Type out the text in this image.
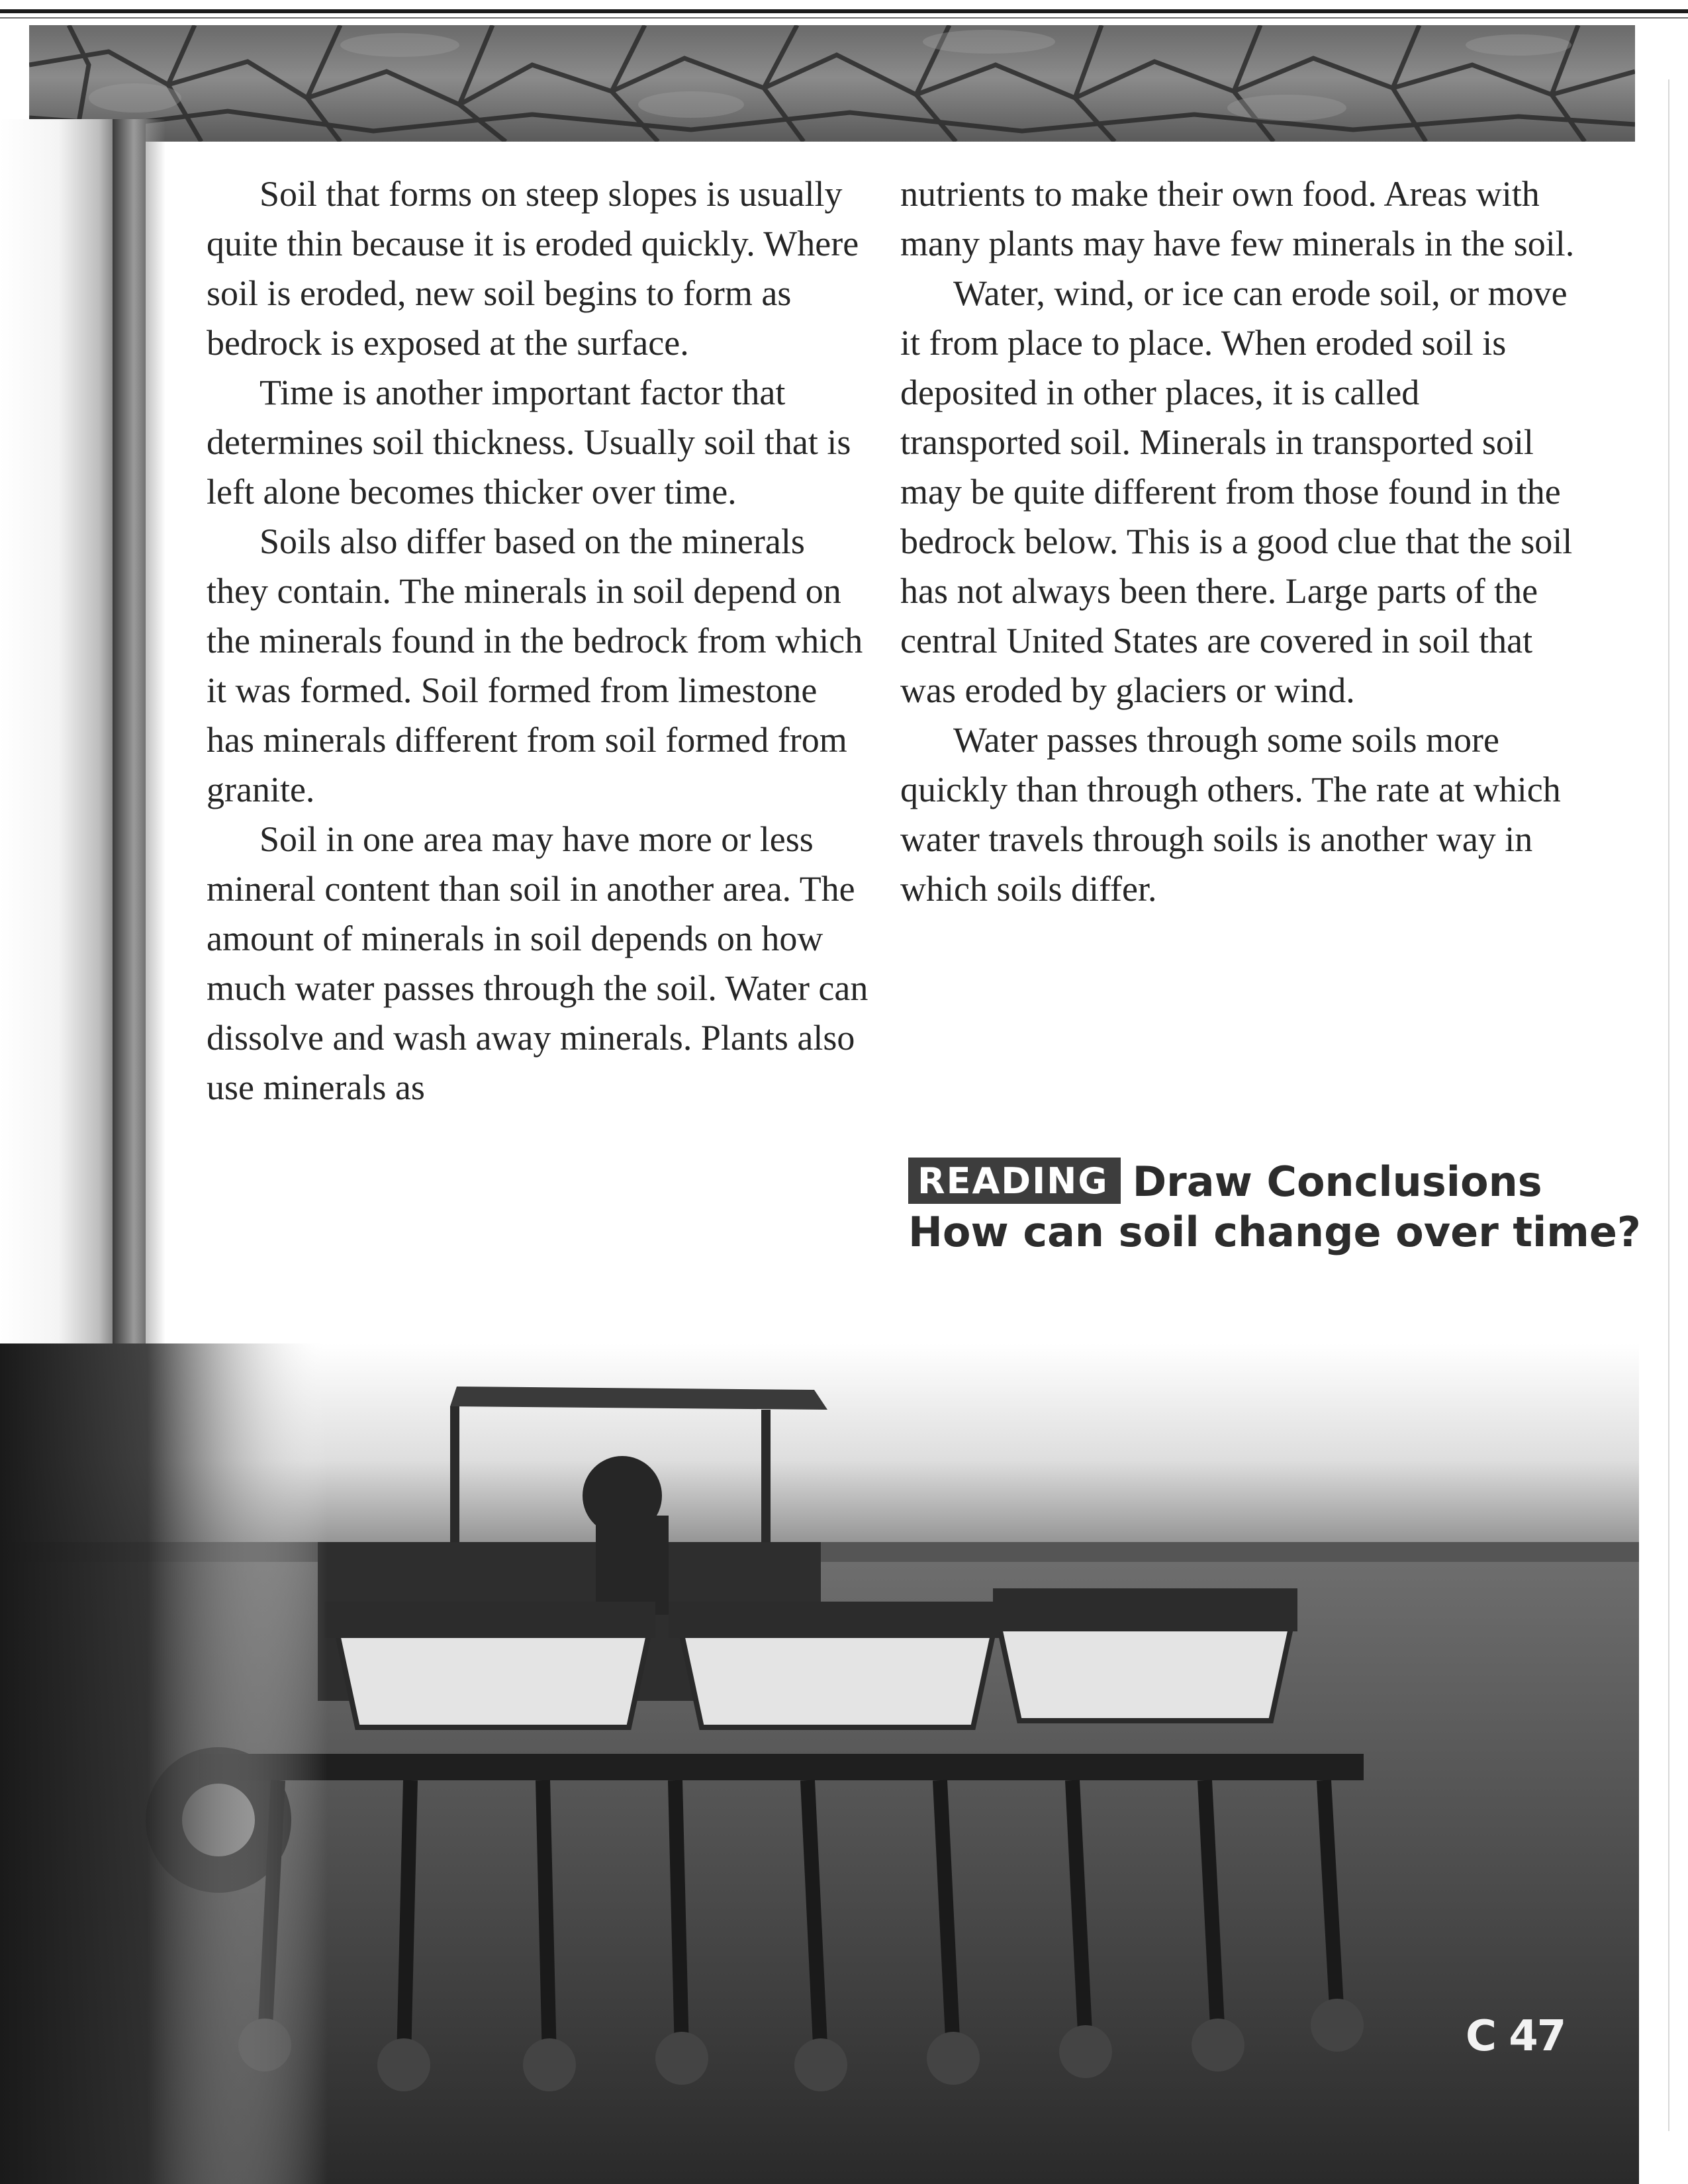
Soil that forms on steep slopes is usually quite thin because it is eroded quickly. Where soil is eroded, new soil begins to form as bedrock is exposed at the surface.

Time is another important factor that determines soil thickness. Usually soil that is left alone becomes thicker over time.

Soils also differ based on the minerals they contain. The minerals in soil depend on the minerals found in the bedrock from which it was formed. Soil formed from limestone has minerals different from soil formed from granite.

Soil in one area may have more or less mineral content than soil in another area. The amount of minerals in soil depends on how much water passes through the soil. Water can dissolve and wash away minerals. Plants also use minerals as

nutrients to make their own food. Areas with many plants may have few minerals in the soil.

Water, wind, or ice can erode soil, or move it from place to place. When eroded soil is deposited in other places, it is called transported soil. Minerals in transported soil may be quite different from those found in the bedrock below. This is a good clue that the soil has not always been there. Large parts of the central United States are covered in soil that was eroded by glaciers or wind.

Water passes through some soils more quickly than through others. The rate at which water travels through soils is another way in which soils differ.

READING Draw Conclusions
How can soil change over time?
C 47
